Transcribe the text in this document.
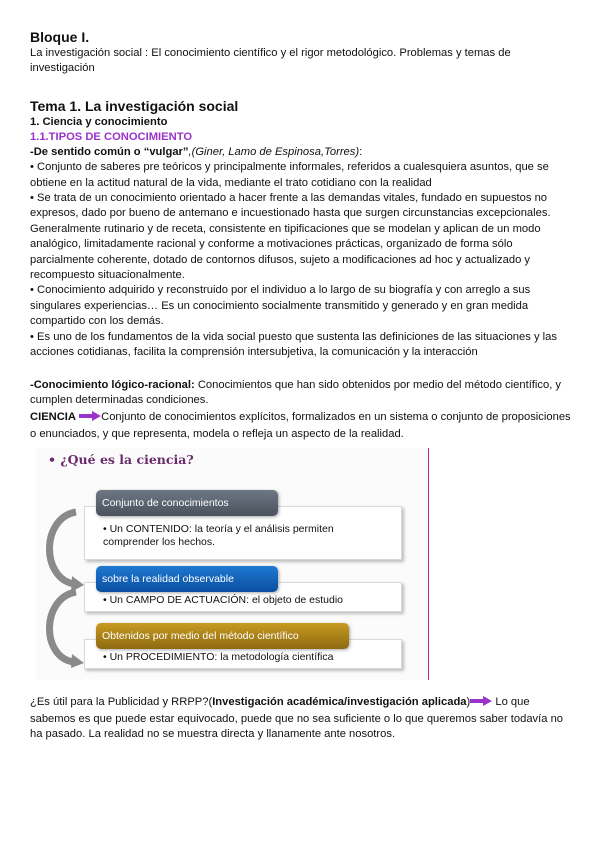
Bloque I.
La investigación social : El conocimiento científico y el rigor metodológico. Problemas y temas de investigación
Tema 1. La investigación social
1. Ciencia y conocimiento
1.1.TIPOS DE CONOCIMIENTO
-De sentido común o “vulgar”,(Giner, Lamo de Espinosa,Torres):
• Conjunto de saberes pre teóricos y principalmente informales, referidos a cualesquiera asuntos, que se obtiene en la actitud natural de la vida, mediante el trato cotidiano con la realidad
• Se trata de un conocimiento orientado a hacer frente a las demandas vitales, fundado en supuestos no expresos, dado por bueno de antemano e incuestionado hasta que surgen circunstancias excepcionales. Generalmente rutinario y de receta, consistente en tipificaciones que se modelan y aplican de un modo analógico, limitadamente racional y conforme a motivaciones prácticas, organizado de forma sólo parcialmente coherente, dotado de contornos difusos, sujeto a modificaciones ad hoc y actualizado y recompuesto situacionalmente.
• Conocimiento adquirido y reconstruido por el individuo a lo largo de su biografía y con arreglo a sus singulares experiencias… Es un conocimiento socialmente transmitido y generado y en gran medida compartido con los demás.
• Es uno de los fundamentos de la vida social puesto que sustenta las definiciones de las situaciones y las acciones cotidianas, facilita la comprensión intersubjetiva, la comunicación y la interacción
-Conocimiento lógico-racional: Conocimientos que han sido obtenidos por medio del método científico, y cumplen determinadas condiciones.
CIENCIA Conjunto de conocimientos explícitos, formalizados en un sistema o conjunto de proposiciones o enunciados, y que representa, modela o refleja un aspecto de la realidad.
• ¿Qué es la ciencia?
• Un CONTENIDO: la teoría y el análisis permiten comprender los hechos.
Conjunto de conocimientos
• Un CAMPO DE ACTUACIÓN: el objeto de estudio
sobre la realidad observable
• Un PROCEDIMIENTO: la metodología científica
Obtenidos por medio del método científico
¿Es útil para la Publicidad y RRPP?(Investigación académica/investigación aplicada) Lo que sabemos es que puede estar equivocado, puede que no sea suficiente o lo que queremos saber todavía no ha pasado. La realidad no se muestra directa y llanamente ante nosotros.
